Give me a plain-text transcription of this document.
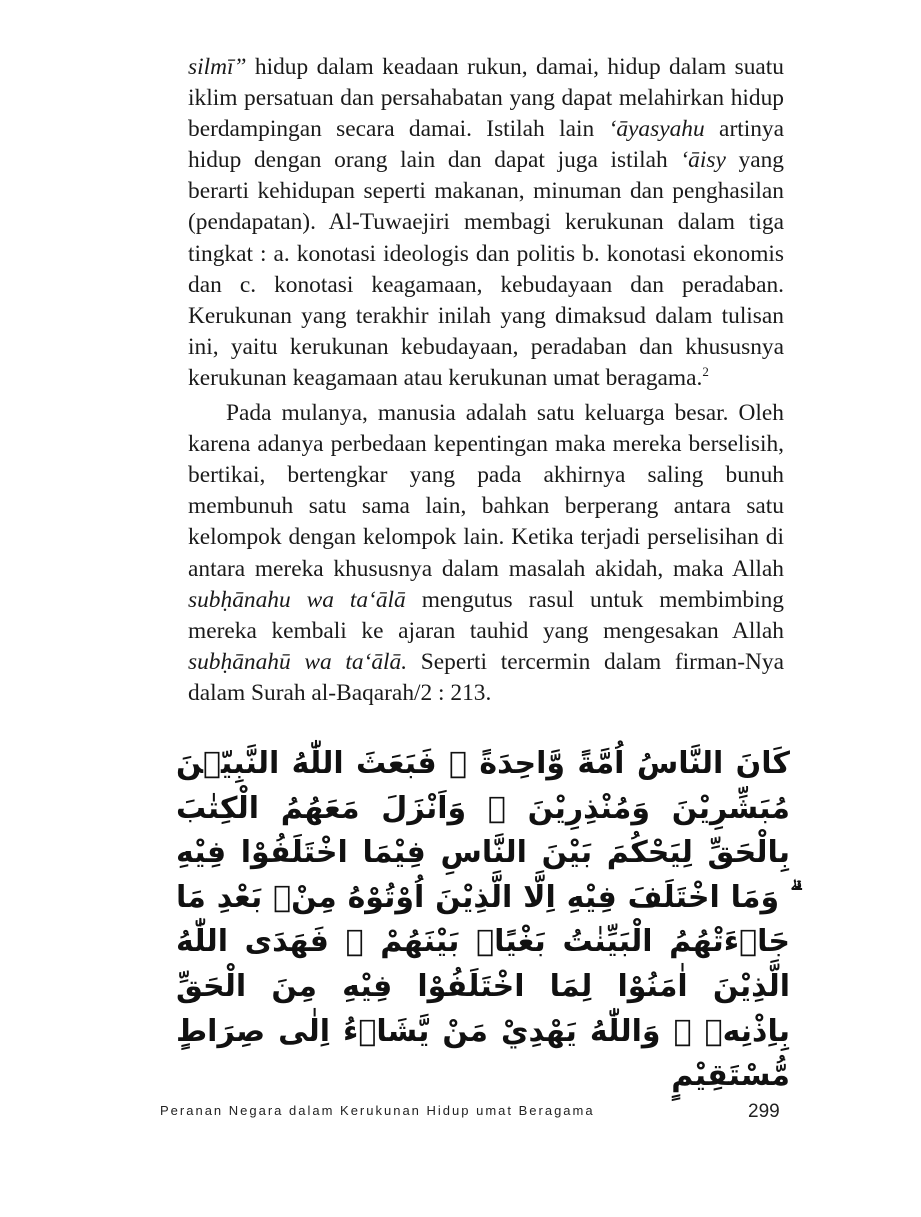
silmī” hidup dalam keadaan rukun, damai, hidup dalam suatu iklim persatuan dan persahabatan yang dapat melahirkan hidup berdampingan secara damai. Istilah lain ‘āyasyahu artinya hidup dengan orang lain dan dapat juga istilah ‘āisy yang berarti kehidupan seperti makanan, minuman dan penghasilan (pendapatan). Al-Tuwaejiri membagi kerukunan dalam tiga tingkat : a. konotasi ideologis dan politis b. konotasi ekonomis dan c. konotasi keagamaan, kebudayaan dan peradaban. Kerukunan yang terakhir inilah yang dimaksud dalam tulisan ini, yaitu kerukunan kebudayaan, peradaban dan khususnya kerukunan keagamaan atau kerukunan umat beragama.$^2$

Pada mulanya, manusia adalah satu keluarga besar. Oleh karena adanya perbedaan kepentingan maka mereka berselisih, bertikai, bertengkar yang pada akhirnya saling bunuh membunuh satu sama lain, bahkan berperang antara satu kelompok dengan kelompok lain. Ketika terjadi perselisihan di antara mereka khususnya dalam masalah akidah, maka Allah subḥānahu wa ta‘ālā mengutus rasul untuk membimbing mereka kembali ke ajaran tauhid yang mengesakan Allah subḥānahū wa ta‘ālā. Seperti tercermin dalam firman-Nya dalam Surah al-Baqarah/2 : 213.

كَانَ النَّاسُ اُمَّةً وَّاحِدَةً ۗ فَبَعَثَ اللّٰهُ النَّبِيّٖنَ مُبَشِّرِيْنَ وَمُنْذِرِيْنَ ۖ وَاَنْزَلَ مَعَهُمُ الْكِتٰبَ بِالْحَقِّ لِيَحْكُمَ بَيْنَ النَّاسِ فِيْمَا اخْتَلَفُوْا فِيْهِ ۗ وَمَا اخْتَلَفَ فِيْهِ اِلَّا الَّذِيْنَ اُوْتُوْهُ مِنْۢ بَعْدِ مَا جَاۤءَتْهُمُ الْبَيِّنٰتُ بَغْيًاۢ بَيْنَهُمْ ۚ فَهَدَى اللّٰهُ الَّذِيْنَ اٰمَنُوْا لِمَا اخْتَلَفُوْا فِيْهِ مِنَ الْحَقِّ بِاِذْنِهٖ ۗ وَاللّٰهُ يَهْدِيْ مَنْ يَّشَاۤءُ اِلٰى صِرَاطٍ مُّسْتَقِيْمٍ
Peranan Negara dalam Kerukunan Hidup umat Beragama	299
